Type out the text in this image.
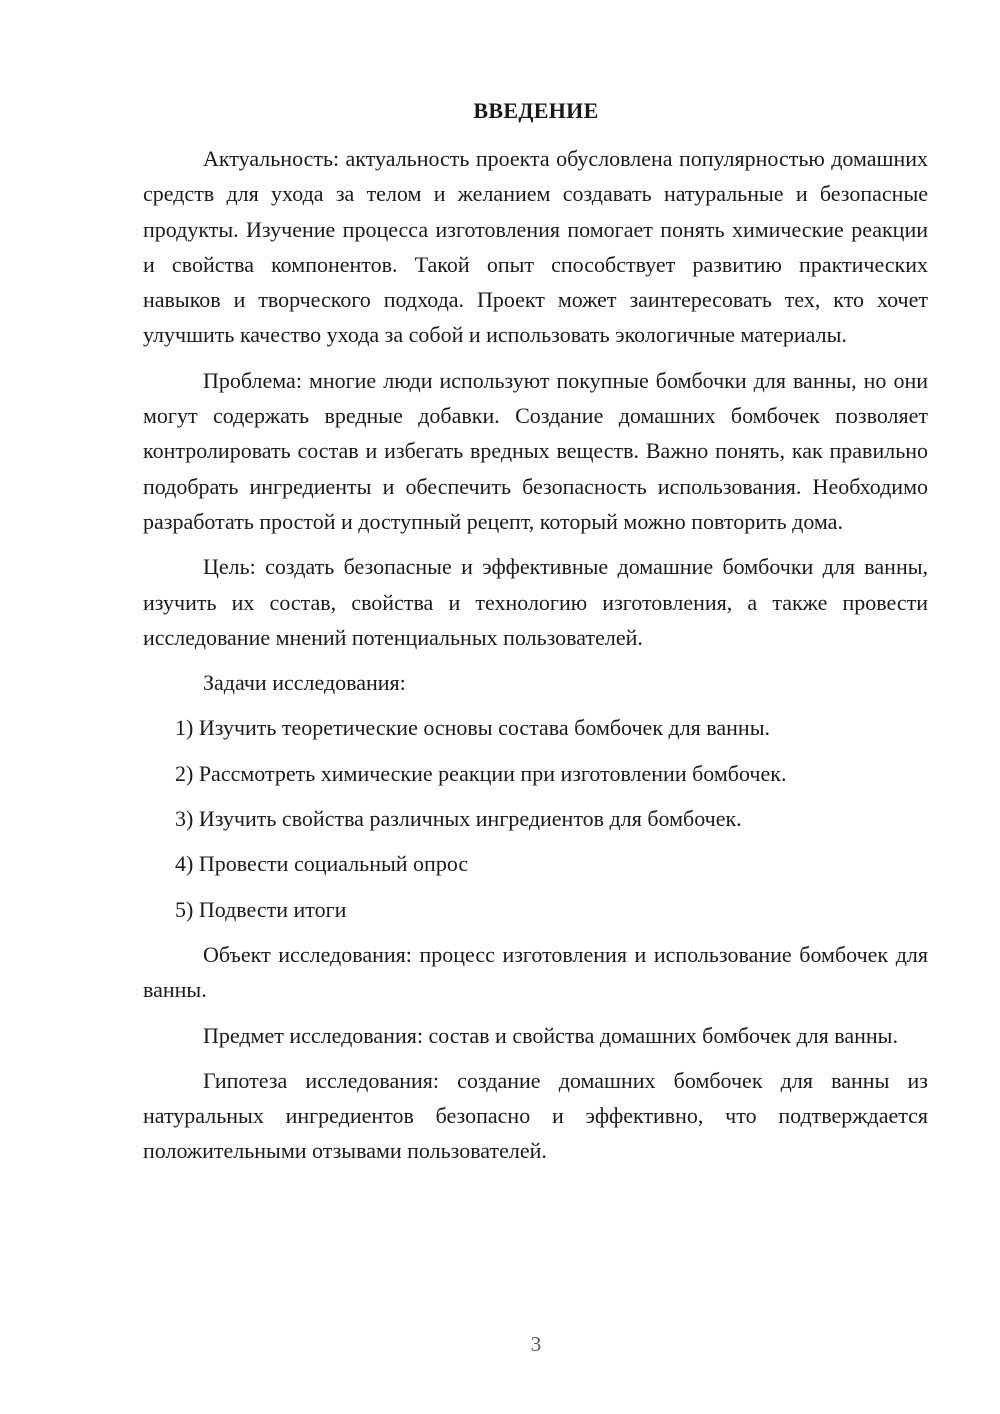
ВВЕДЕНИЕ

Актуальность: актуальность проекта обусловлена популярностью домашних средств для ухода за телом и желанием создавать натуральные и безопасные продукты. Изучение процесса изготовления помогает понять химические реакции и свойства компонентов. Такой опыт способствует развитию практических навыков и творческого подхода. Проект может заинтересовать тех, кто хочет улучшить качество ухода за собой и использовать экологичные материалы.

Проблема: многие люди используют покупные бомбочки для ванны, но они могут содержать вредные добавки. Создание домашних бомбочек позволяет контролировать состав и избегать вредных веществ. Важно понять, как правильно подобрать ингредиенты и обеспечить безопасность использования. Необходимо разработать простой и доступный рецепт, который можно повторить дома.

Цель: создать безопасные и эффективные домашние бомбочки для ванны, изучить их состав, свойства и технологию изготовления, а также провести исследование мнений потенциальных пользователей.

Задачи исследования:

1) Изучить теоретические основы состава бомбочек для ванны.

2) Рассмотреть химические реакции при изготовлении бомбочек.

3) Изучить свойства различных ингредиентов для бомбочек.

4) Провести социальный опрос

5) Подвести итоги

Объект исследования: процесс изготовления и использование бомбочек для ванны.

Предмет исследования: состав и свойства домашних бомбочек для ванны.

Гипотеза исследования: создание домашних бомбочек для ванны из натуральных ингредиентов безопасно и эффективно, что подтверждается положительными отзывами пользователей.

3
